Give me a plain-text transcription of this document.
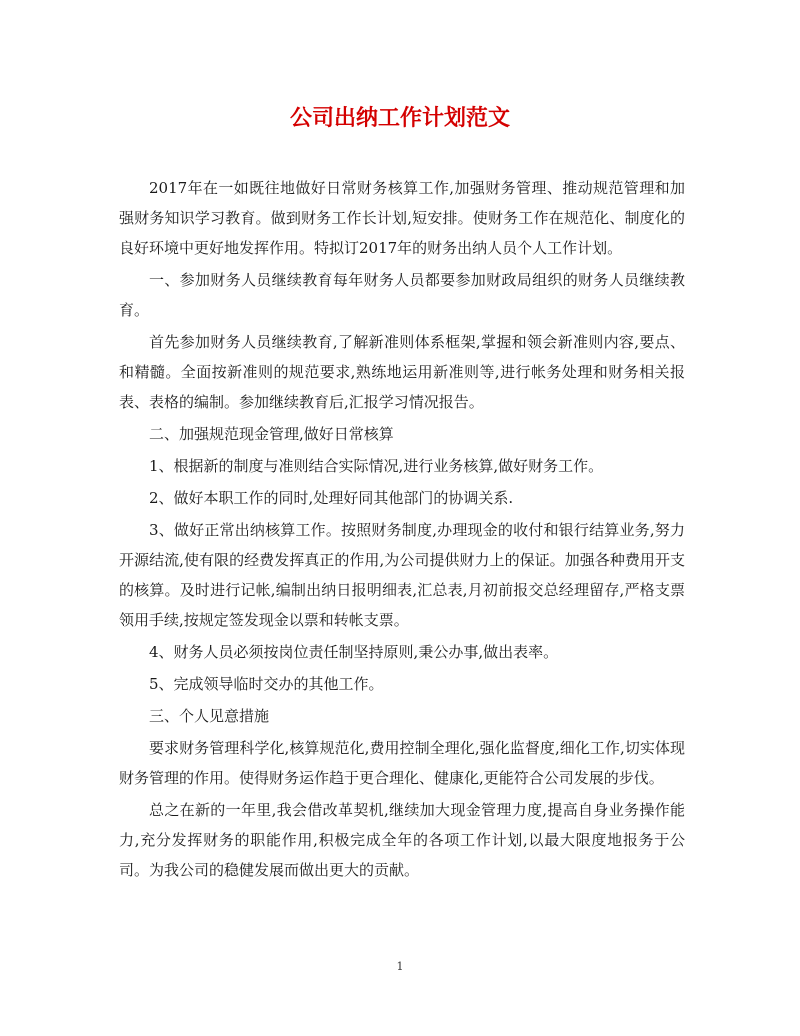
公司出纳工作计划范文

2017年在一如既往地做好日常财务核算工作,加强财务管理、推动规范管理和加强财务知识学习教育。做到财务工作长计划,短安排。使财务工作在规范化、制度化的良好环境中更好地发挥作用。特拟订2017年的财务出纳人员个人工作计划。

一、参加财务人员继续教育每年财务人员都要参加财政局组织的财务人员继续教育。

首先参加财务人员继续教育,了解新准则体系框架,掌握和领会新准则内容,要点、和精髓。全面按新准则的规范要求,熟练地运用新准则等,进行帐务处理和财务相关报表、表格的编制。参加继续教育后,汇报学习情况报告。

二、加强规范现金管理,做好日常核算

1、根据新的制度与准则结合实际情况,进行业务核算,做好财务工作。

2、做好本职工作的同时,处理好同其他部门的协调关系.

3、做好正常出纳核算工作。按照财务制度,办理现金的收付和银行结算业务,努力开源结流,使有限的经费发挥真正的作用,为公司提供财力上的保证。加强各种费用开支的核算。及时进行记帐,编制出纳日报明细表,汇总表,月初前报交总经理留存,严格支票领用手续,按规定签发现金以票和转帐支票。

4、财务人员必须按岗位责任制坚持原则,秉公办事,做出表率。

5、完成领导临时交办的其他工作。

三、个人见意措施

要求财务管理科学化,核算规范化,费用控制全理化,强化监督度,细化工作,切实体现财务管理的作用。使得财务运作趋于更合理化、健康化,更能符合公司发展的步伐。

总之在新的一年里,我会借改革契机,继续加大现金管理力度,提高自身业务操作能力,充分发挥财务的职能作用,积极完成全年的各项工作计划,以最大限度地报务于公司。为我公司的稳健发展而做出更大的贡献。

1
